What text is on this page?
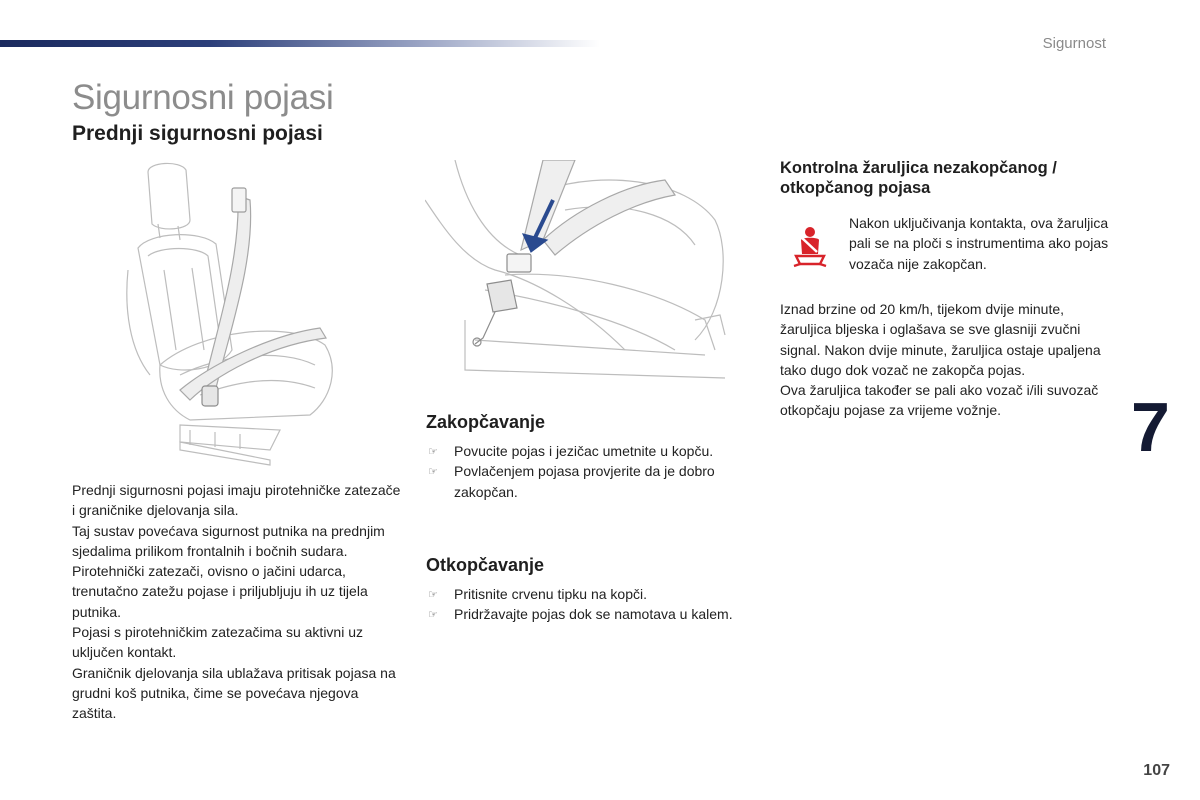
Sigurnost
Sigurnosni pojasi
Prednji sigurnosni pojasi

Prednji sigurnosni pojasi imaju pirotehničke zatezače i graničnike djelovanja sila.

Taj sustav povećava sigurnost putnika na prednjim sjedalima prilikom frontalnih i bočnih sudara. Pirotehnički zatezači, ovisno o jačini udarca, trenutačno zatežu pojase i priljubljuju ih uz tijela putnika.

Pojasi s pirotehničkim zatezačima su aktivni uz uključen kontakt.

Graničnik djelovanja sila ublažava pritisak pojasa na grudni koš putnika, čime se povećava njegova zaštita.

Zakopčavanje
☞ Povucite pojas i jezičac umetnite u kopču.
☞ Povlačenjem pojasa provjerite da je dobro zakopčan.
Otkopčavanje
☞ Pritisnite crvenu tipku na kopči.
☞ Pridržavajte pojas dok se namotava u kalem.
Kontrolna žaruljica nezakopčanog / otkopčanog pojasa

Nakon uključivanja kontakta, ova žaruljica pali se na ploči s instrumentima ako pojas vozača nije zakopčan.

Iznad brzine od 20 km/h, tijekom dvije minute, žaruljica bljeska i oglašava se sve glasniji zvučni signal. Nakon dvije minute, žaruljica ostaje upaljena tako dugo dok vozač ne zakopča pojas.

Ova žaruljica također se pali ako vozač i/ili suvozač otkopčaju pojase za vrijeme vožnje.	7
107
